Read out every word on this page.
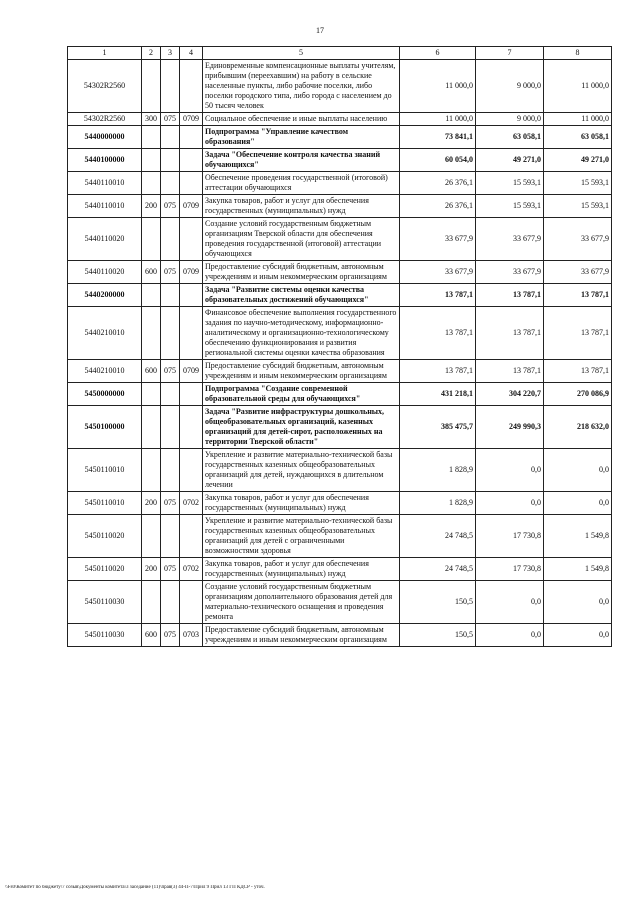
17
1	2	3	4	5	6	7	8
54302R2560				Единовременные компенсационные выплаты учителям, прибывшим (переехавшим) на работу в сельские населенные пункты, либо рабочие поселки, либо поселки городского типа, либо города с населением до 50 тысяч человек	11 000,0	9 000,0	11 000,0
54302R2560	300	075	0709	Социальное обеспечение и иные выплаты населению	11 000,0	9 000,0	11 000,0
5440000000				Подпрограмма "Управление качеством образования"	73 841,1	63 058,1	63 058,1
5440100000				Задача "Обеспечение контроля качества знаний обучающихся"	60 054,0	49 271,0	49 271,0
5440110010				Обеспечение проведения государственной (итоговой) аттестации обучающихся	26 376,1	15 593,1	15 593,1
5440110010	200	075	0709	Закупка товаров, работ и услуг для обеспечения государственных (муниципальных) нужд	26 376,1	15 593,1	15 593,1
5440110020				Создание условий государственным бюджетным организациям Тверской области для обеспечения проведения государственной (итоговой) аттестации обучающихся	33 677,9	33 677,9	33 677,9
5440110020	600	075	0709	Предоставление субсидий бюджетным, автономным учреждениям и иным некоммерческим организациям	33 677,9	33 677,9	33 677,9
5440200000				Задача "Развитие системы оценки качества образовательных достижений обучающихся"	13 787,1	13 787,1	13 787,1
5440210010				Финансовое обеспечение выполнения государственного задания по научно-методическому, информационно-аналитическому и организационно-технологическому обеспечению функционирования и развития региональной системы оценки качества образования	13 787,1	13 787,1	13 787,1
5440210010	600	075	0709	Предоставление субсидий бюджетным, автономным учреждениям и иным некоммерческим организациям	13 787,1	13 787,1	13 787,1
5450000000				Подпрограмма "Создание современной образовательной среды для обучающихся"	431 218,1	304 220,7	270 086,9
5450100000				Задача "Развитие инфраструктуры дошкольных, общеобразовательных организаций, казенных организаций для детей-сирот, расположенных на территории Тверской области"	385 475,7	249 990,3	218 632,0
5450110010				Укрепление и развитие материально-технической базы государственных казенных общеобразовательных организаций для детей, нуждающихся в длительном лечении	1 828,9	0,0	0,0
5450110010	200	075	0702	Закупка товаров, работ и услуг для обеспечения государственных (муниципальных) нужд	1 828,9	0,0	0,0
5450110020				Укрепление и развитие материально-технической базы государственных казенных общеобразовательных организаций для детей с ограниченными возможностями здоровья	24 748,5	17 730,8	1 549,8
5450110020	200	075	0702	Закупка товаров, работ и услуг для обеспечения государственных (муниципальных) нужд	24 748,5	17 730,8	1 549,8
5450110030				Создание условий государственным бюджетным организациям дополнительного образования детей для материально-технического оснащения и проведения ремонта	150,5	0,0	0,0
5450110030	600	075	0703	Предоставление субсидий бюджетным, автономным учреждениям и иным некоммерческим организациям	150,5	0,0	0,0
\\Fs0\Комитет по бюджету\7 созыв\Документы комитета\3 заседание (11)\прав(3) 44-П-7\Прил 9 Прил 13 ГП КДСР - уточ.
